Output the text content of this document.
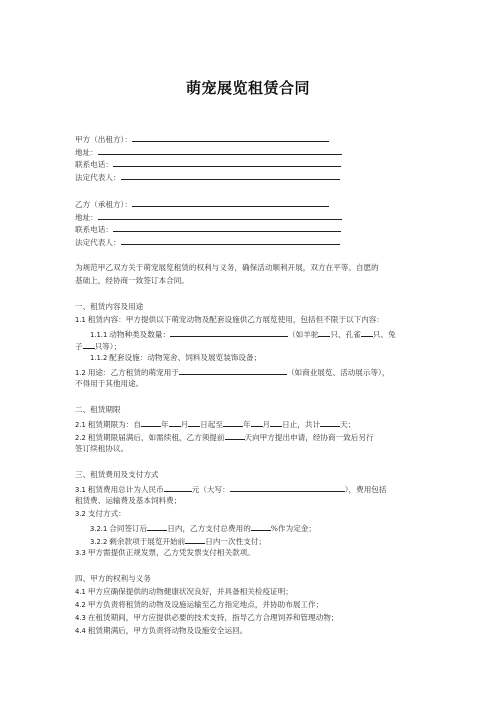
萌宠展览租赁合同
甲方（出租方）：
地址：
联系电话：
法定代表人：
乙方（承租方）：
地址：
联系电话：
法定代表人：
为规范甲乙双方关于萌宠展览租赁的权利与义务，确保活动顺利开展，双方在平等、自愿的
基础上，经协商一致签订本合同。
一、租赁内容及用途
1.1 租赁内容：甲方提供以下萌宠动物及配套设施供乙方展览使用，包括但不限于以下内容：
1.1.1 动物种类及数量：	（如羊驼 只、孔雀 只、兔
子 只等）；
1.1.2 配套设施：动物笼舍、饲料及展览装饰设备；
1.2 用途：乙方租赁的萌宠用于	（如商业展览、活动展示等），
不得用于其他用途。
二、租赁期限
2.1 租赁期限为：自	年 月 日起至	年 月 日止，共计	天；
2.2 租赁期限届满后，如需续租，乙方须提前	天向甲方提出申请，经协商一致后另行
签订续租协议。
三、租赁费用及支付方式
3.1 租赁费用总计为人民币	元（大写：	），费用包括
租赁费、运输费及基本饲料费；
3.2 支付方式：
3.2.1 合同签订后	日内，乙方支付总费用的	%作为定金；
3.2.2 剩余款项于展览开始前	日内一次性支付；
3.3 甲方需提供正规发票，乙方凭发票支付相关款项。
四、甲方的权利与义务
4.1 甲方应确保提供的动物健康状况良好，并具备相关检疫证明；
4.2 甲方负责将租赁的动物及设施运输至乙方指定地点，并协助布展工作；
4.3 在租赁期间，甲方应提供必要的技术支持，指导乙方合理饲养和管理动物；
4.4 租赁期满后，甲方负责将动物及设施安全运回。
